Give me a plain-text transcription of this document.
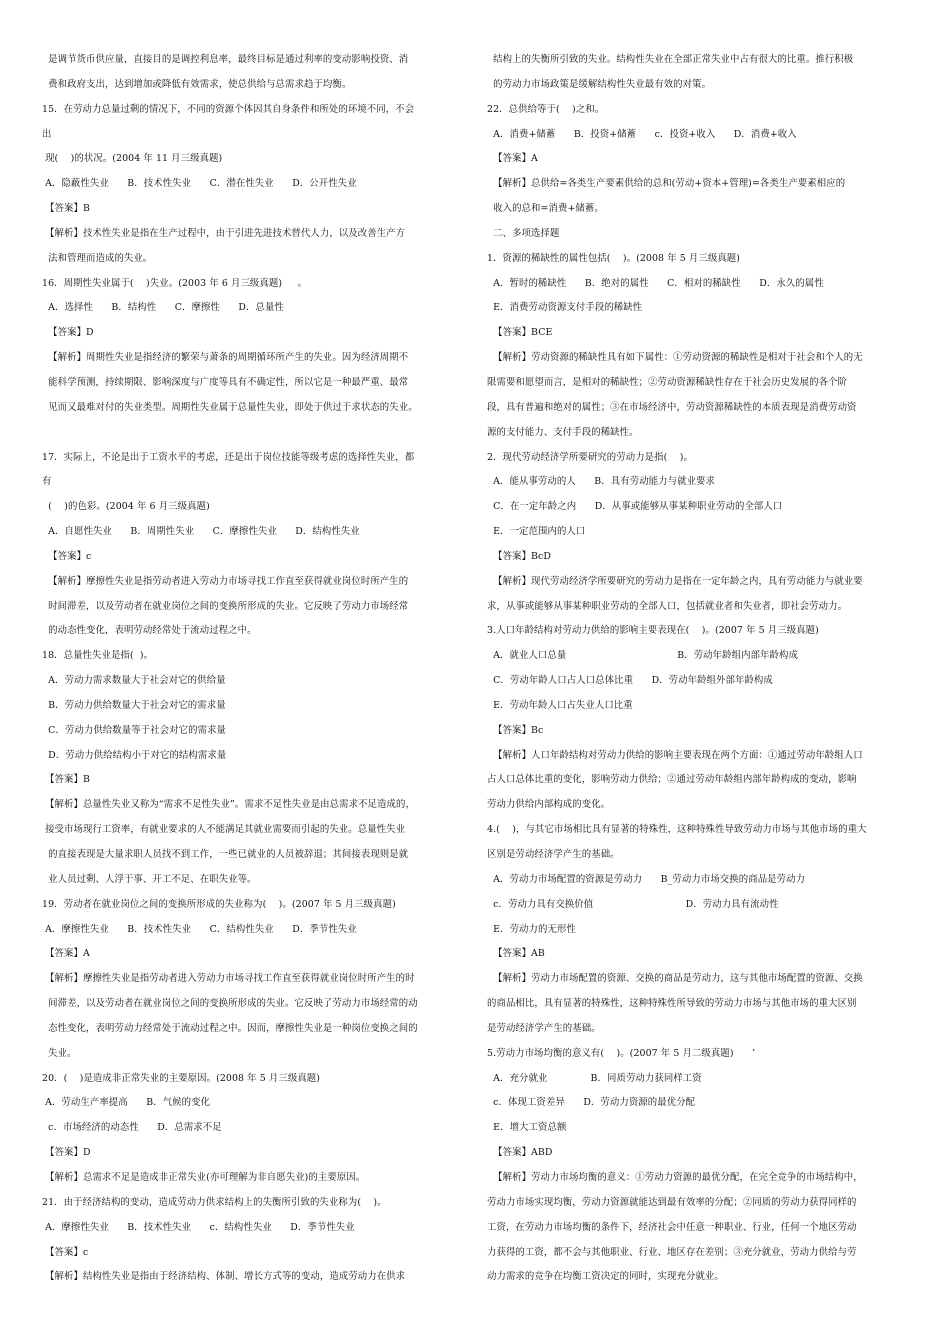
是调节货币供应量，直接目的是调控利息率，最终目标是通过利率的变动影响投资、消
费和政府支出，达到增加或降低有效需求，使总供给与总需求趋于均衡。
15．在劳动力总量过剩的情况下，不同的资源个体因其自身条件和所处的环境不同，不会
出
现(    )的状况。(2004 年 11 月三级真题)
A．隐蔽性失业      B．技术性失业      C．潜在性失业      D．公开性失业
【答案】B
【解析】技术性失业是指在生产过程中，由于引进先进技术替代人力，以及改善生产方
法和管理而造成的失业。
16．周期性失业属于(    )失业。(2003 年 6 月三级真题)     。
A．选择性      B．结构性      C．摩擦性      D．总量性
【答案】D
【解析】周期性失业是指经济的繁荣与萧条的周期循环所产生的失业。因为经济周期不
能科学预测，持续期限、影响深度与广度等具有不确定性，所以它是一种最严重、最常
见而又最难对付的失业类型。周期性失业属于总量性失业，即处于供过于求状态的失业。
17．实际上，不论是出于工资水平的考虑，还是出于岗位技能等级考虑的选择性失业，都
有
(    )的色彩。(2004 年 6 月三级真题)
A．自愿性失业      B．周期性失业      C．摩擦性失业      D．结构性失业
【答案】c
【解析】摩擦性失业是指劳动者进入劳动力市场寻找工作直至获得就业岗位时所产生的
时间滞差，以及劳动者在就业岗位之间的变换所形成的失业。它反映了劳动力市场经常
的动态性变化，表明劳动经常处于流动过程之中。
18．总量性失业是指(  )。
A．劳动力需求数量大于社会对它的供给量
B．劳动力供给数量大于社会对它的需求量
C．劳动力供给数量等于社会对它的需求量
D．劳动力供给结构小于对它的结构需求量
【答案】B
【解析】总量性失业又称为“需求不足性失业”。需求不足性失业是由总需求不足造成的，
接受市场现行工资率，有就业要求的人不能满足其就业需要而引起的失业。总量性失业
的直接表现是大量求职人员找不到工作，一些已就业的人员被辞退；其间接表现则是就
业人员过剩、人浮于事、开工不足、在职失业等。
19．劳动者在就业岗位之间的变换所形成的失业称为(    )。(2007 年 5 月三级真题)
A．摩擦性失业      B．技术性失业      C．结构性失业      D．季节性失业
【答案】A
【解析】摩擦性失业是指劳动者进入劳动力市场寻找工作直至获得就业岗位时所产生的时
间滞差，以及劳动者在就业岗位之间的变换所形成的失业。它反映了劳动力市场经常的动
态性变化，表明劳动力经常处于流动过程之中。因而，摩擦性失业是一种岗位变换之间的
失业。
20．(    )是造成非正常失业的主要原因。(2008 年 5 月三级真题)
A．劳动生产率提高      B．气候的变化
c．市场经济的动态性      D．总需求不足
【答案】D
【解析】总需求不足是造成非正常失业(亦可理解为非自愿失业)的主要原因。
21．由于经济结构的变动，造成劳动力供求结构上的失衡所引致的失业称为(    )。
A．摩擦性失业      B．技术性失业      c．结构性失业      D．季节性失业
【答案】c
【解析】结构性失业是指由于经济结构、体制、增长方式等的变动，造成劳动力在供求
结构上的失衡所引致的失业。结构性失业在全部正常失业中占有很大的比重。推行积极
的劳动力市场政策是缓解结构性失业最有效的对策。
22．总供给等于(    )之和。
A．消费+储蓄      B．投资+储蓄      c．投资+收入      D．消费+收入
【答案】A
【解析】总供给=各类生产要素供给的总和(劳动+资本+管理)=各类生产要素相应的
收入的总和=消费+储蓄。
二、多项选择题
1．资源的稀缺性的属性包括(    )。(2008 年 5 月三级真题)
A．暂时的稀缺性      B．绝对的属性      C．相对的稀缺性      D．永久的属性
E．消费劳动资源支付手段的稀缺性
【答案】BCE
【解析】劳动资源的稀缺性具有如下属性：①劳动资源的稀缺性是相对于社会和个人的无
限需要和愿望而言，是相对的稀缺性；②劳动资源稀缺性存在于社会历史发展的各个阶
段，具有普遍和绝对的属性；③在市场经济中，劳动资源稀缺性的本质表现是消费劳动资
源的支付能力、支付手段的稀缺性。
2．现代劳动经济学所要研究的劳动力是指(    )。
A．能从事劳动的人      B．具有劳动能力与就业要求
C．在一定年龄之内      D．从事或能够从事某种职业劳动的全部人口
E．一定范围内的人口
【答案】BcD
【解析】现代劳动经济学所要研究的劳动力是指在一定年龄之内，具有劳动能力与就业要
求，从事或能够从事某种职业劳动的全部人口，包括就业者和失业者，即社会劳动力。
3.人口年龄结构对劳动力供给的影响主要表现在(    )。(2007 年 5 月三级真题)
A．就业人口总量                                    B．劳动年龄组内部年龄构成
C．劳动年龄人口占人口总体比重      D．劳动年龄组外部年龄构成
E．劳动年龄人口占失业人口比重
【答案】Bc
【解析】人口年龄结构对劳动力供给的影响主要表现在两个方面：①通过劳动年龄组人口
占人口总体比重的变化，影响劳动力供给；②通过劳动年龄组内部年龄构成的变动，影响
劳动力供给内部构成的变化。
4.(    )，与其它市场相比具有显著的特殊性，这种特殊性导致劳动力市场与其他市场的重大
区别是劳动经济学产生的基础。
A．劳动力市场配置的资源是劳动力      B_劳动力市场交换的商品是劳动力
c．劳动力具有交换价值                              D．劳动力具有流动性
E．劳动力的无形性
【答案】AB
【解析】劳动力市场配置的资源、交换的商品是劳动力，这与其他市场配置的资源、交换
的商品相比，具有显著的特殊性，这种特殊性所导致的劳动力市场与其他市场的重大区别
是劳动经济学产生的基础。
5.劳动力市场均衡的意义有(    )。(2007 年 5 月二级真题)      ’
A．充分就业              B．同质劳动力获同样工资
c．体现工资差异      D．劳动力资源的最优分配
E．增大工资总额
【答案】ABD
【解析】劳动力市场均衡的意义：①劳动力资源的最优分配，在完全竞争的市场结构中，
劳动力市场实现均衡，劳动力资源就能达到最有效率的分配；②同质的劳动力获得同样的
工资，在劳动力市场均衡的条件下，经济社会中任意一种职业、行业，任何一个地区劳动
力获得的工资，都不会与其他职业、行业、地区存在差别；③充分就业，劳动力供给与劳
动力需求的竞争在均衡工资决定的同时，实现充分就业。
